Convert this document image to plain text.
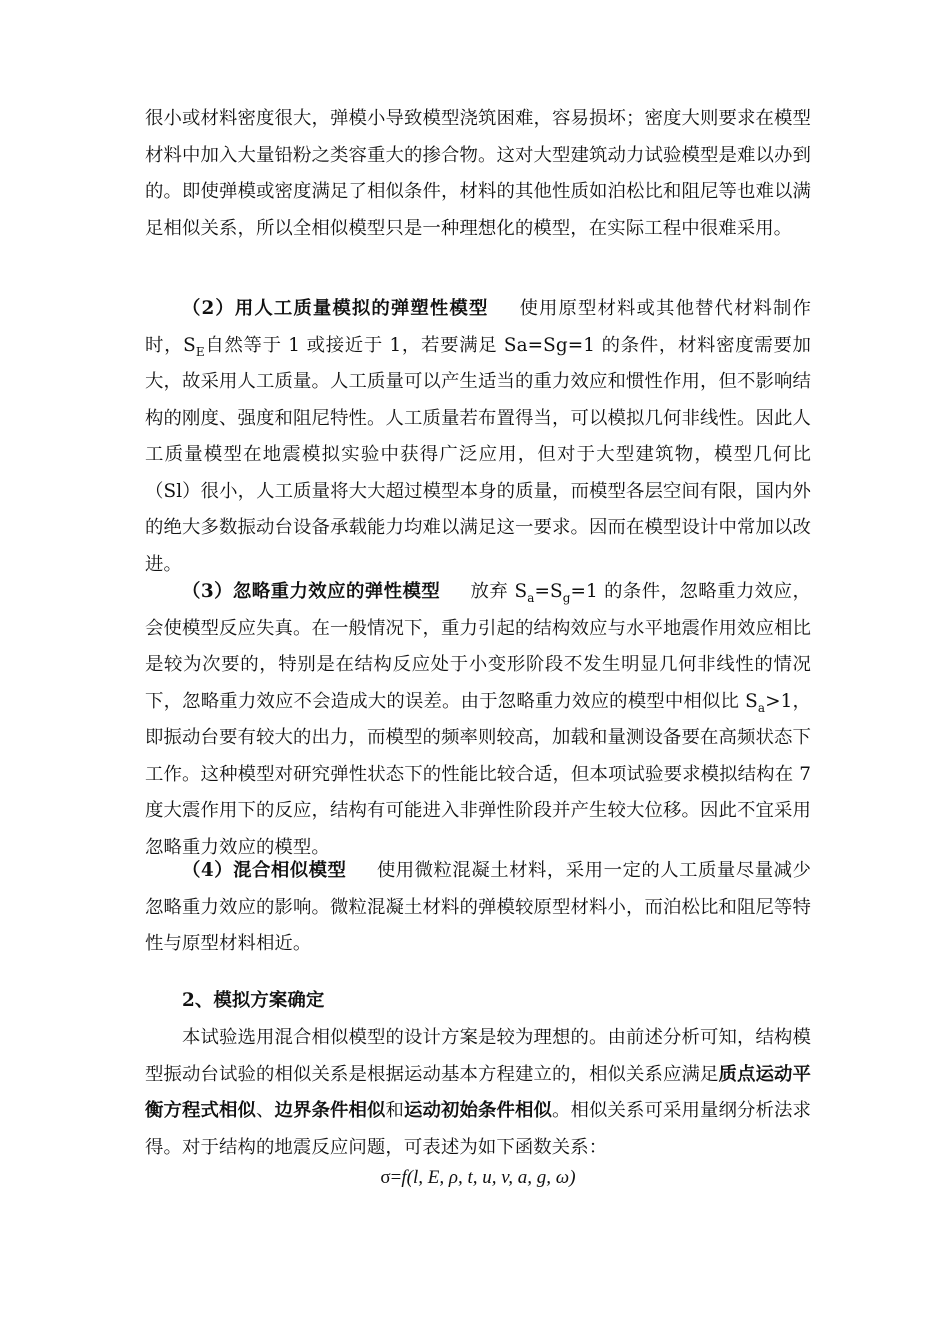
很小或材料密度很大，弹模小导致模型浇筑困难，容易损坏；密度大则要求在模型材料中加入大量铅粉之类容重大的掺合物。这对大型建筑动力试验模型是难以办到的。即使弹模或密度满足了相似条件，材料的其他性质如泊松比和阻尼等也难以满足相似关系，所以全相似模型只是一种理想化的模型，在实际工程中很难采用。

（2）用人工质量模拟的弹塑性模型 使用原型材料或其他替代材料制作时，$S_E$自然等于 1 或接近于 1，若要满足 Sa=Sg=1 的条件，材料密度需要加大，故采用人工质量。人工质量可以产生适当的重力效应和惯性作用，但不影响结构的刚度、强度和阻尼特性。人工质量若布置得当，可以模拟几何非线性。因此人工质量模型在地震模拟实验中获得广泛应用，但对于大型建筑物，模型几何比（Sl）很小，人工质量将大大超过模型本身的质量，而模型各层空间有限，国内外的绝大多数振动台设备承载能力均难以满足这一要求。因而在模型设计中常加以改进。

（3）忽略重力效应的弹性模型 放弃 $S_a=S_g=1$ 的条件，忽略重力效应，会使模型反应失真。在一般情况下，重力引起的结构效应与水平地震作用效应相比是较为次要的，特别是在结构反应处于小变形阶段不发生明显几何非线性的情况下，忽略重力效应不会造成大的误差。由于忽略重力效应的模型中相似比 $S_a>1$，即振动台要有较大的出力，而模型的频率则较高，加载和量测设备要在高频状态下工作。这种模型对研究弹性状态下的性能比较合适，但本项试验要求模拟结构在 7 度大震作用下的反应，结构有可能进入非弹性阶段并产生较大位移。因此不宜采用忽略重力效应的模型。

（4）混合相似模型 使用微粒混凝土材料，采用一定的人工质量尽量减少忽略重力效应的影响。微粒混凝土材料的弹模较原型材料小，而泊松比和阻尼等特性与原型材料相近。

2、模拟方案确定

本试验选用混合相似模型的设计方案是较为理想的。由前述分析可知，结构模型振动台试验的相似关系是根据运动基本方程建立的，相似关系应满足质点运动平衡方程式相似、边界条件相似和运动初始条件相似。相似关系可采用量纲分析法求得。对于结构的地震反应问题，可表述为如下函数关系：

σ=f(l, E, ρ, t, u, v, a, g, ω)
